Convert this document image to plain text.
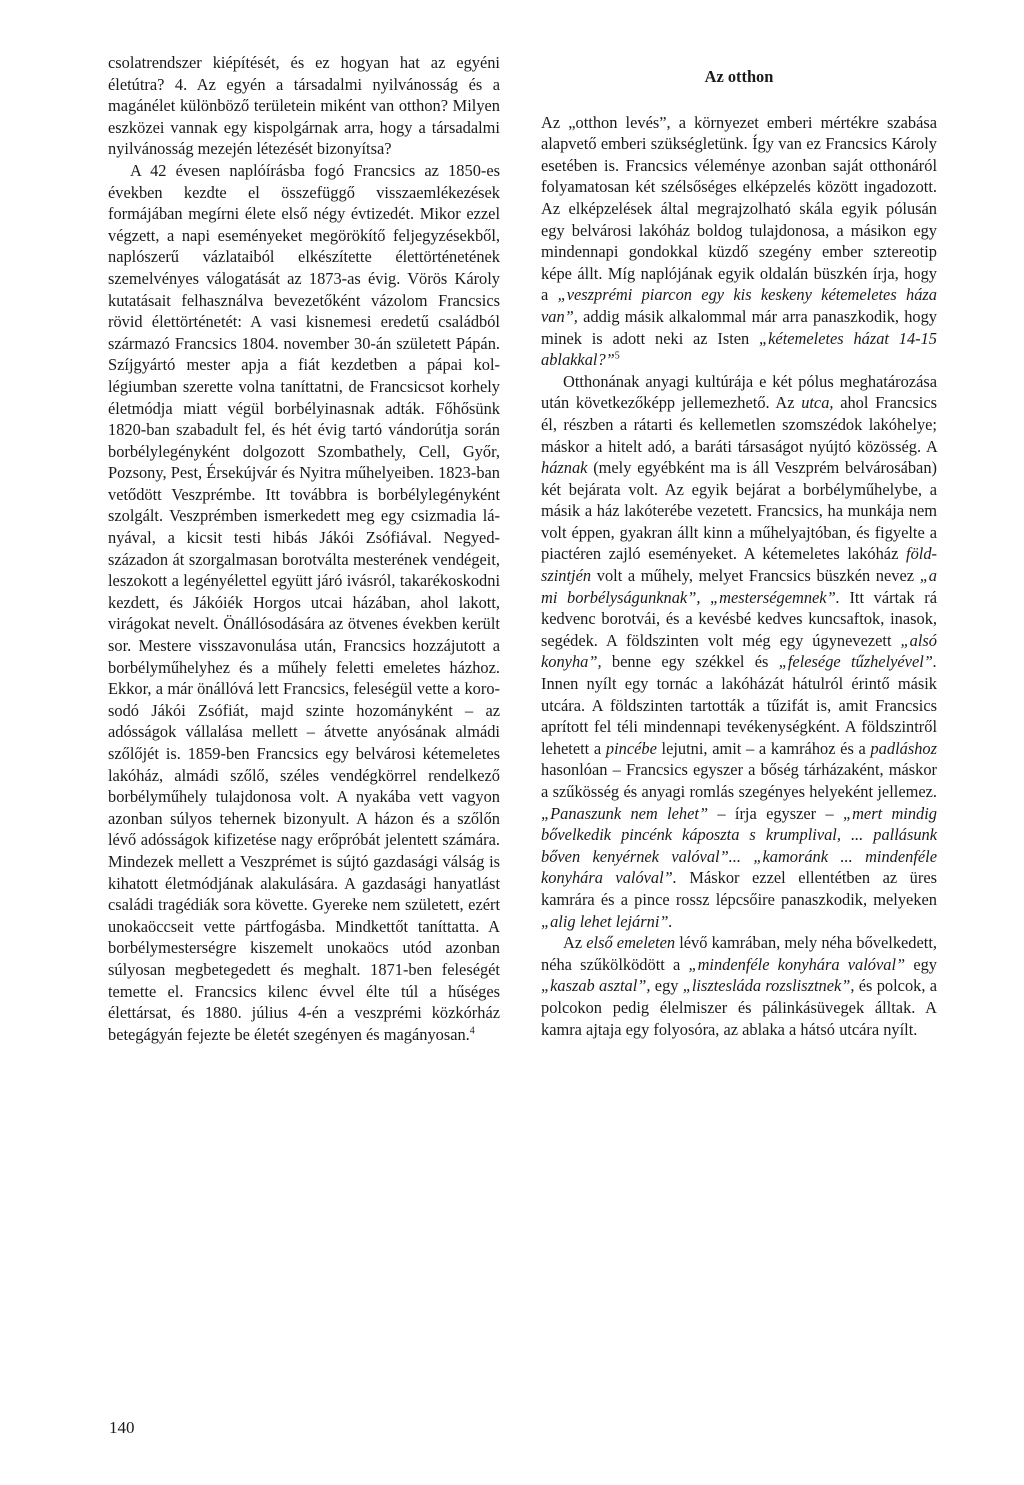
csolatrendszer kiépítését, és ez hogyan hat az egyéni életútra? 4. Az egyén a társadalmi nyilvánosság és a magánélet különböző területein miként van otthon? Milyen eszközei vannak egy kispolgárnak arra, hogy a társadalmi nyilvánosság mezején létezését bizonyítsa?

A 42 évesen naplóírásba fogó Francsics az 1850-es években kezdte el összefüggő visszaemlékezések formájában megírni élete első négy évtizedét. Mikor ezzel végzett, a napi eseményeket megörökítő feljegyzésekből, naplószerű vázlataiból elkészítette élettörténetének szemelvényes válogatását az 1873-as évig. Vörös Károly kutatásait felhasználva bevezetőként vázolom Francsics rövid élettörténetét: A vasi kisnemesi eredetű családból származó Francsics 1804. november 30-án született Pápán. Szíjgyártó mester apja a fiát kezdetben a pápai kollégiumban szerette volna taníttatni, de Francsicsot korhely életmódja miatt végül borbélyinasnak adták. Főhősünk 1820-ban szabadult fel, és hét évig tartó vándorútja során borbélylegényként dolgozott Szombathely, Cell, Győr, Pozsony, Pest, Érsekújvár és Nyitra műhelyeiben. 1823-ban vetődött Veszprémbe. Itt továbbra is borbélylegényként szolgált. Veszprémben ismerkedett meg egy csizmadia lányával, a kicsit testi hibás Jákói Zsófiával. Negyedszázadon át szorgalmasan borotválta mesterének vendégeit, leszokott a legényélettel együtt járó ivásról, takarékoskodni kezdett, és Jákóiék Horgos utcai házában, ahol lakott, virágokat nevelt. Önállósodására az ötvenes években került sor. Mestere visszavonulása után, Francsics hozzájutott a borbélyműhelyhez és a műhely feletti emeletes házhoz. Ekkor, a már önállóvá lett Francsics, feleségül vette a korosodó Jákói Zsófiát, majd szinte hozományként – az adósságok vállalása mellett – átvette anyósának almádi szőlőjét is. 1859-ben Francsics egy belvárosi kétemeletes lakóház, almádi szőlő, széles vendégkörrel rendelkező borbélyműhely tulajdonosa volt. A nyakába vett vagyon azonban súlyos tehernek bizonyult. A házon és a szőlőn lévő adósságok kifizetése nagy erőpróbát jelentett számára. Mindezek mellett a Veszprémet is sújtó gazdasági válság is kihatott életmódjának alakulására. A gazdasági hanyatlást családi tragédiák sora követte. Gyereke nem született, ezért unokaöccseit vette pártfogásba. Mindkettőt taníttatta. A borbélymesterségre kiszemelt unokaöcs utód azonban súlyosan megbetegedett és meghalt. 1871-ben feleségét temette el. Francsics kilenc évvel élte túl a hűséges élettársat, és 1880. július 4-én a veszprémi közkórház betegágyán fejezte be életét szegényen és magányosan.$^4$

Az otthon

Az „otthon levés”, a környezet emberi mértékre szabása alapvető emberi szükségletünk. Így van ez Francsics Károly esetében is. Francsics véleménye azonban saját otthonáról folyamatosan két szélsőséges elképzelés között ingadozott. Az elképzelések által megrajzolható skála egyik pólusán egy belvárosi lakóház boldog tulajdonosa, a másikon egy mindennapi gondokkal küzdő szegény ember sztereotip képe állt. Míg naplójának egyik oldalán büszkén írja, hogy a „veszprémi piarcon egy kis keskeny kétemeletes háza van”, addig másik alkalommal már arra panaszkodik, hogy minek is adott neki az Isten „kétemeletes házat 14-15 ablakkal?”$^5$

Otthonának anyagi kultúrája e két pólus meghatározása után következőképp jellemezhető. Az utca, ahol Francsics él, részben a rátarti és kellemetlen szomszédok lakóhelye; máskor a hitelt adó, a baráti társaságot nyújtó közösség. A háznak (mely egyébként ma is áll Veszprém belvárosában) két bejárata volt. Az egyik bejárat a borbélyműhelybe, a másik a ház lakóterébe vezetett. Francsics, ha munkája nem volt éppen, gyakran állt kinn a műhelyajtóban, és figyelte a piactéren zajló eseményeket. A kétemeletes lakóház földszintjén volt a műhely, melyet Francsics büszkén nevez „a mi borbélyságunknak”, „mesterségemnek”. Itt vártak rá kedvenc borotvái, és a kevésbé kedves kuncsaftok, inasok, segédek. A földszinten volt még egy úgynevezett „alsó konyha”, benne egy székkel és „felesége tűzhelyével”. Innen nyílt egy tornác a lakóházát hátulról érintő másik utcára. A földszinten tartották a tűzifát is, amit Francsics aprított fel téli mindennapi tevékenységként. A földszintről lehetett a pincébe lejutni, amit – a kamrához és a padláshoz hasonlóan – Francsics egyszer a bőség tárházaként, máskor a szűkösség és anyagi romlás szegényes helyeként jellemez. „Panaszunk nem lehet” – írja egyszer – „mert mindig bővelkedik pincénk káposzta s krumplival, ... pallásunk bőven kenyérnek valóval”... „kamoránk ... mindenféle konyhára valóval”. Máskor ezzel ellentétben az üres kamrára és a pince rossz lépcsőire panaszkodik, melyeken „alig lehet lejárni”.

Az első emeleten lévő kamrában, mely néha bővelkedett, néha szűkölködött a „mindenféle konyhára valóval” egy „kaszab asztal”, egy „lisztesláda rozslisztnek”, és polcok, a polcokon pedig élelmiszer és pálinkásüvegek álltak. A kamra ajtaja egy folyosóra, az ablaka a hátsó utcára nyílt.

140
